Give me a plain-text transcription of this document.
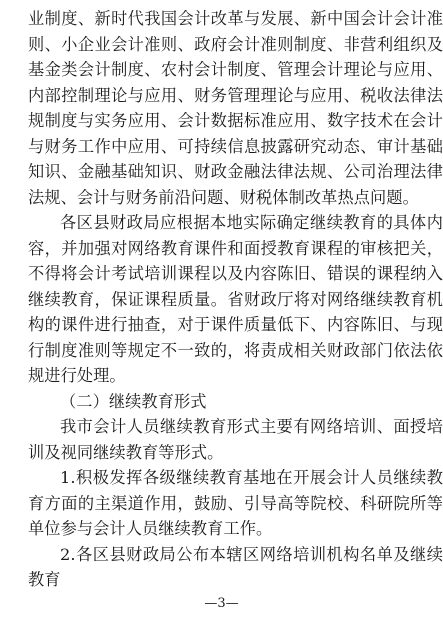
业制度、新时代我国会计改革与发展、新中国会计会计准则、小企业会计准则、政府会计准则制度、非营利组织及基金类会计制度、农村会计制度、管理会计理论与应用、内部控制理论与应用、财务管理理论与应用、税收法律法规制度与实务应用、会计数据标准应用、数字技术在会计与财务工作中应用、可持续信息披露研究动态、审计基础知识、金融基础知识、财政金融法律法规、公司治理法律法规、会计与财务前沿问题、财税体制改革热点问题。

各区县财政局应根据本地实际确定继续教育的具体内容，并加强对网络教育课件和面授教育课程的审核把关，不得将会计考试培训课程以及内容陈旧、错误的课程纳入继续教育，保证课程质量。省财政厅将对网络继续教育机构的课件进行抽查，对于课件质量低下、内容陈旧、与现行制度准则等规定不一致的，将责成相关财政部门依法依规进行处理。

（二）继续教育形式

我市会计人员继续教育形式主要有网络培训、面授培训及视同继续教育等形式。

1.积极发挥各级继续教育基地在开展会计人员继续教育方面的主渠道作用，鼓励、引导高等院校、科研院所等单位参与会计人员继续教育工作。

2.各区县财政局公布本辖区网络培训机构名单及继续教育

—3—
